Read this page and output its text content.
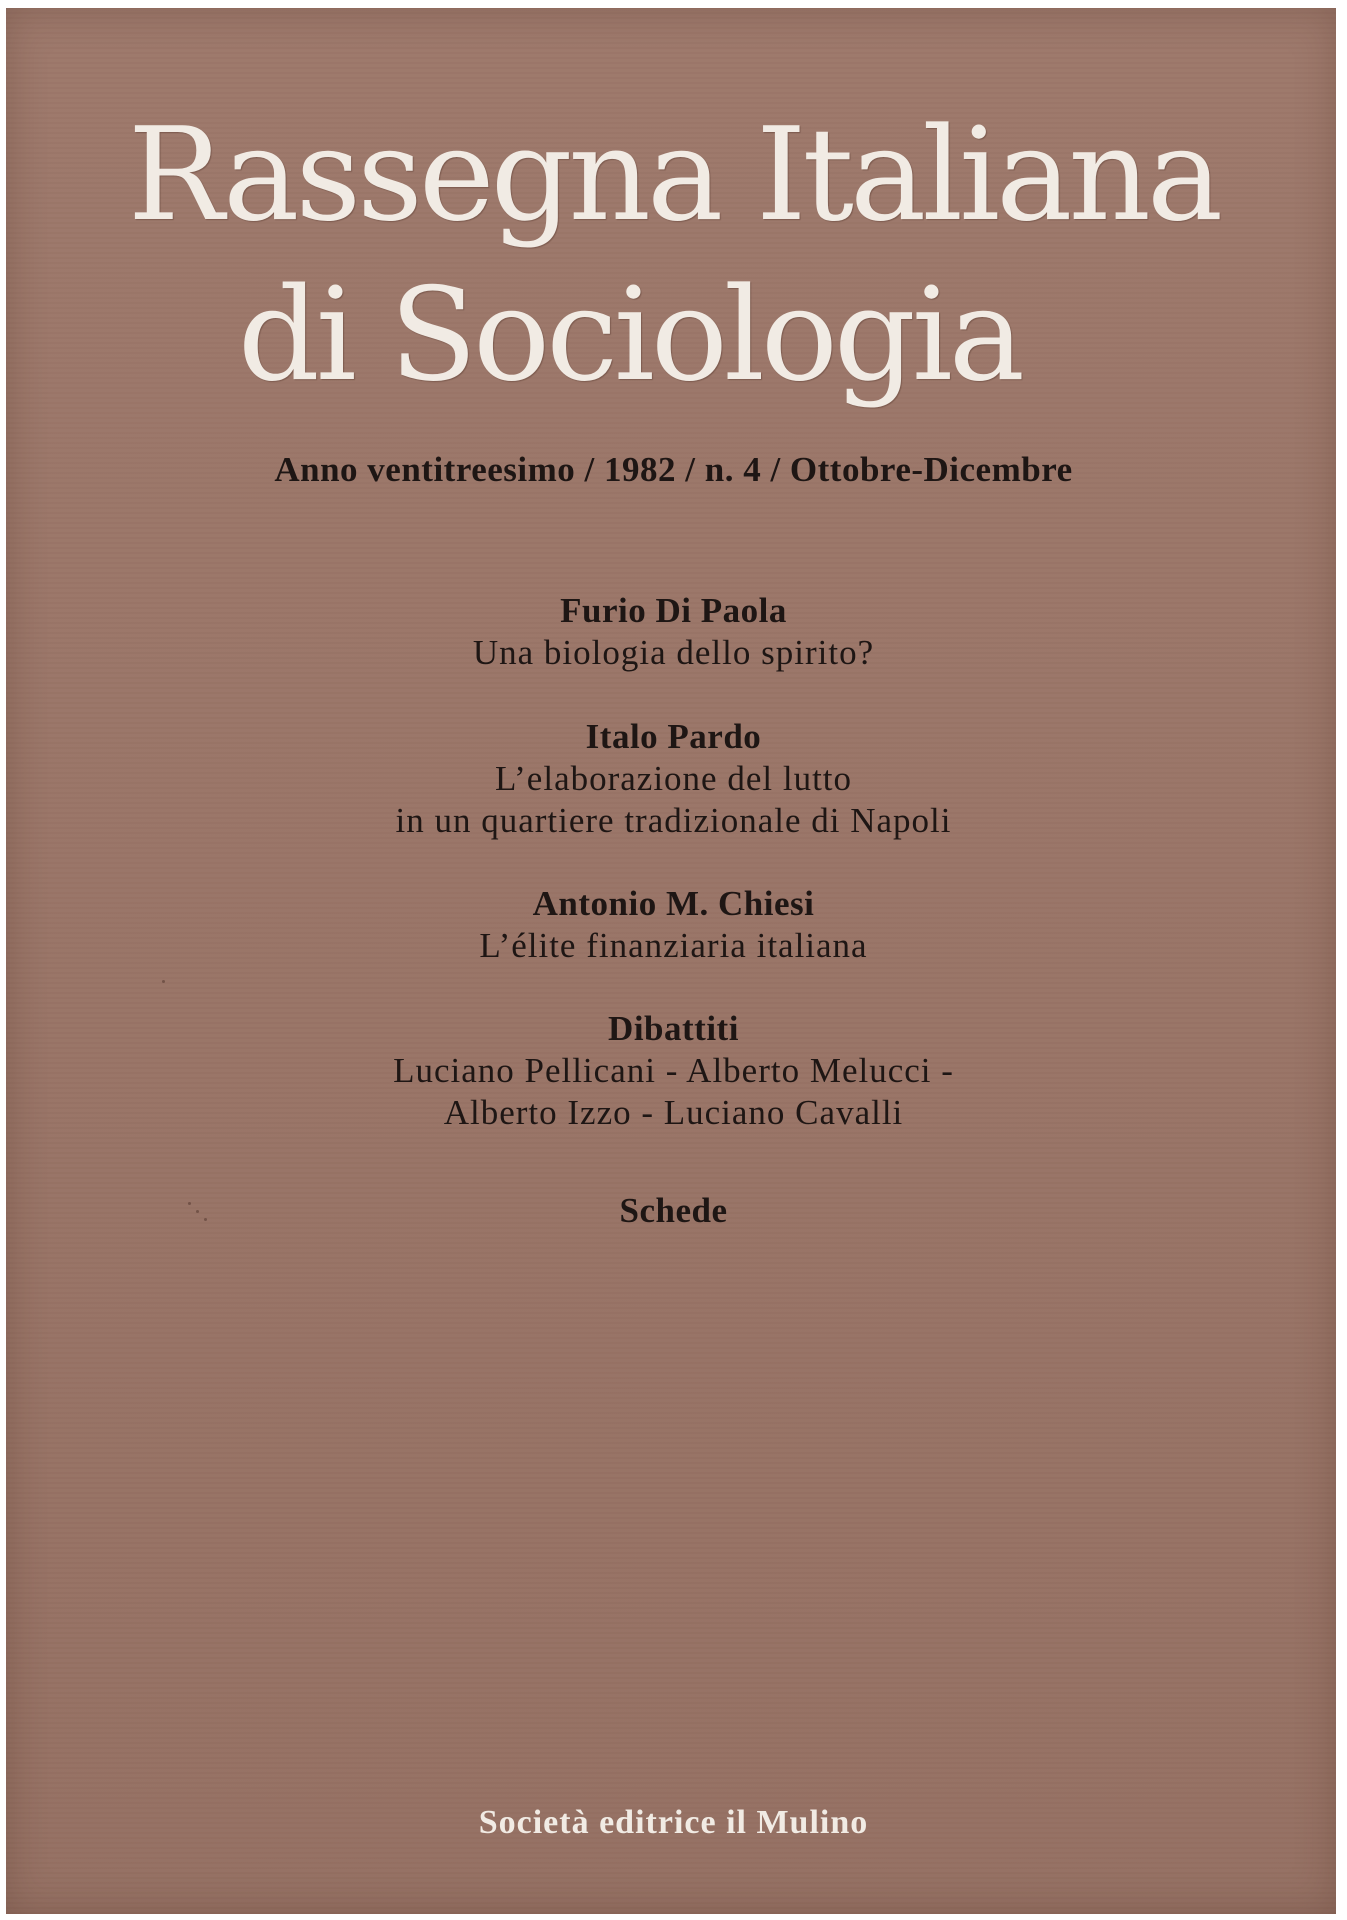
Rassegna Italiana
di Sociologia
Anno ventitreesimo / 1982 / n. 4 / Ottobre-Dicembre
Furio Di Paola
Una biologia dello spirito?
Italo Pardo
L’elaborazione del lutto
in un quartiere tradizionale di Napoli
Antonio M. Chiesi
L’élite finanziaria italiana
Dibattiti
Luciano Pellicani - Alberto Melucci -
Alberto Izzo - Luciano Cavalli
Schede
Società editrice il Mulino
